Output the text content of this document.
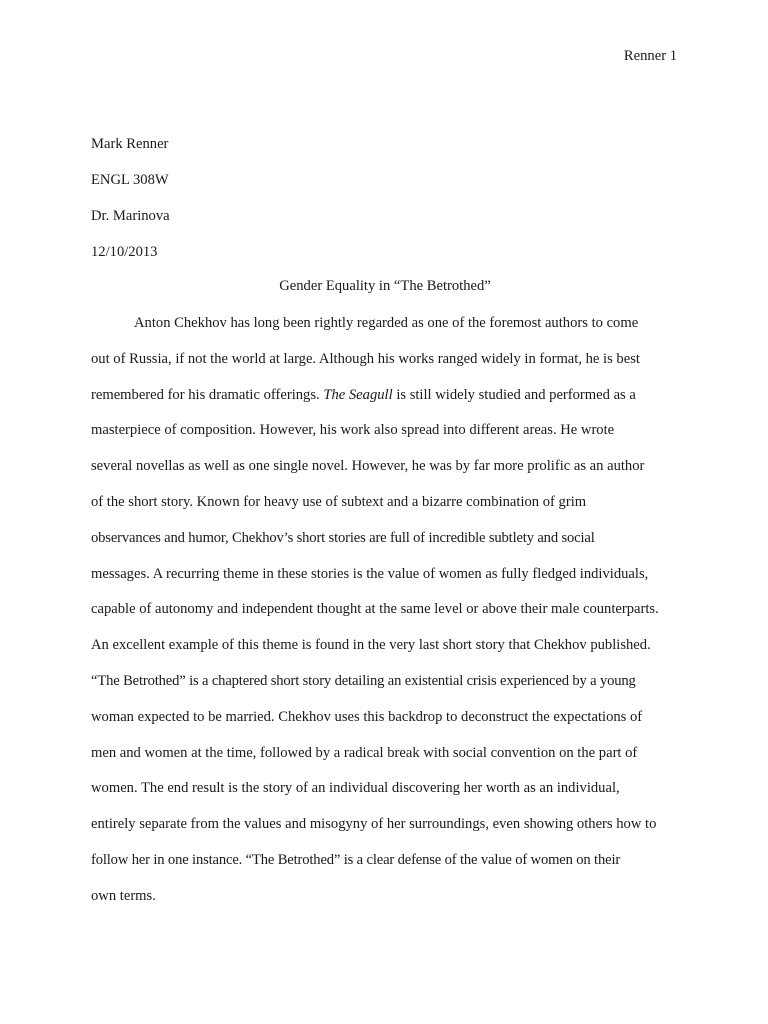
Renner 1
Mark Renner
ENGL 308W
Dr. Marinova
12/10/2013
Gender Equality in “The Betrothed”
Anton Chekhov has long been rightly regarded as one of the foremost authors to come
out of Russia, if not the world at large. Although his works ranged widely in format, he is best
remembered for his dramatic offerings. The Seagull is still widely studied and performed as a
masterpiece of composition. However, his work also spread into different areas. He wrote
several novellas as well as one single novel. However, he was by far more prolific as an author
of the short story. Known for heavy use of subtext and a bizarre combination of grim
observances and humor, Chekhov’s short stories are full of incredible subtlety and social
messages. A recurring theme in these stories is the value of women as fully fledged individuals,
capable of autonomy and independent thought at the same level or above their male counterparts.
An excellent example of this theme is found in the very last short story that Chekhov published.
“The Betrothed” is a chaptered short story detailing an existential crisis experienced by a young
woman expected to be married. Chekhov uses this backdrop to deconstruct the expectations of
men and women at the time, followed by a radical break with social convention on the part of
women. The end result is the story of an individual discovering her worth as an individual,
entirely separate from the values and misogyny of her surroundings, even showing others how to
follow her in one instance. “The Betrothed” is a clear defense of the value of women on their
own terms.
